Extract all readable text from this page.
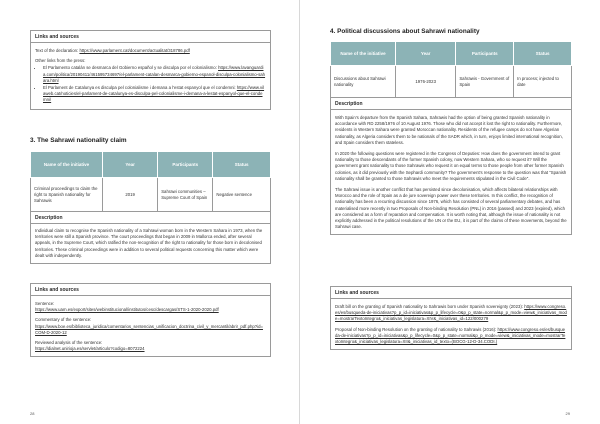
Links and sources

Text of the declaration: https://www.parlament.cat/document/actualitat/318786.pdf

Other links from the press:
• El Parlamento catalán se desmarca del Gobierno español y se disculpa por el colonialismo: https://www.lavanguardia.com/politica/20190411/461595734697/el-parlament-catalan-desmarca-gobierno-espanol-disculpa-colonialismo-sahara.html
• El Parlament de Catalunya es disculpa pel colonialisme i demana a l'estat espanyol que el condemni: https://www.vilaweb.cat/noticies/el-parlament-de-catalunya-es-disculpa-pel-colonialisme-i-demana-a-lestat-espanyol-que-el-condemni/
3. The Sahrawi nationality claim
Name of the initiative	Year	Participants	Status
Criminal proceedings to claim the right to Spanish nationality for Sahrawis	2019	Sahrawi communities – Supreme Court of Spain	Negative sentence
Description
Individual claim to recognise the Spanish nationality of a Sahrawi woman born in the Western Sahara in 1973, when the territories were still a Spanish province. The court proceedings that began in 2009 in Mallorca ended, after several appeals, in the Supreme Court, which ratified the non-recognition of the right to nationality for those born in decolonised territories. These criminal proceedings were in addition to several political requests concerning this matter which were dealt with independently.
Links and sources
Sentence:

https://www.uam.es/export/sites/webinstitucional/institutos/cesc/descargas/STS-1-2020-2020.pdf

Commentary of the sentence:

https://www.boe.es/biblioteca_juridica/comentarios_sentencias_unificacion_doctrina_civil_y_mercantil/abrir_pdf.php?id=COM-D-2020-12

Reviewed analysis of the sentence:

https://dialnet.unirioja.es/servlet/articulo?codigo=8072224

28
4. Political discussions about Sahrawi nationality
Name of the initiative	Year	Participants	Status
Discussions about Sahrawi nationality	1976-2023	Sahrawis - Government of Spain	In process; injected to date
Description

With Spain's departure from the Spanish Sahara, Sahrawis had the option of being granted Spanish nationality in accordance with RD 2258/1976 of 10 August 1976. Those who did not accept it lost the right to nationality. Furthermore, residents in Western Sahara were granted Moroccan nationality. Residents of the refugee camps do not have Algerian nationality, as Algeria considers them to be nationals of the SADR which, in turn, enjoys limited international recognition, and Spain considers them stateless.

In 2020 the following questions were registered in the Congress of Deputies: How does the government intend to grant nationality to those descendants of the former Spanish colony, now Western Sahara, who so request it? Will the government grant nationality to those Sahrawis who request it on equal terms to those people from other former Spanish colonies, as it did previously with the Sephardi community? The government's response to the question was that "Spanish nationality shall be granted to those Sahrawis who meet the requirements stipulated in the Civil Code".

The Sahrawi issue is another conflict that has persisted since decolonisation, which affects bilateral relationships with Morocco and the role of Spain as a de jure sovereign power over these territories. In this conflict, the recognition of nationality has been a recurring discussion since 1976, which has consisted of several parliamentary debates, and has materialised more recently in two Proposals of Non-binding Resolution (PNL) in 2016 (passed) and 2023 (expired), which are considered as a form of reparation and compensation. It is worth noting that, although the issue of nationality is not explicitly addressed in the political resolutions of the UN or the EU, it is part of the claims of these movements, beyond the Sahrawi case.

Links and sources

Draft bill on the granting of Spanish nationality to Sahrawis born under Spanish sovereignty (2023): https://www.congreso.es/es/busqueda-de-iniciativas?p_p_id=iniciativas&p_p_lifecycle=0&p_p_state=normal&p_p_mode=view&_iniciativas_mode=mostrarTextoIntegro&_iniciativas_legislatura=XIV&_iniciativas_id=122/000279

Proposal of Non-binding Resolution on the granting of nationality to Sahrawis (2016): https://www.congreso.es/es/busqueda-de-iniciativas?p_p_id=iniciativas&p_p_lifecycle=0&p_p_state=normal&p_p_mode=view&_iniciativas_mode=mostrarTextoIntegro&_iniciativas_legislatura=XII&_iniciativas_id_texto=(BOCG-12-D-34.CODI.)

29
